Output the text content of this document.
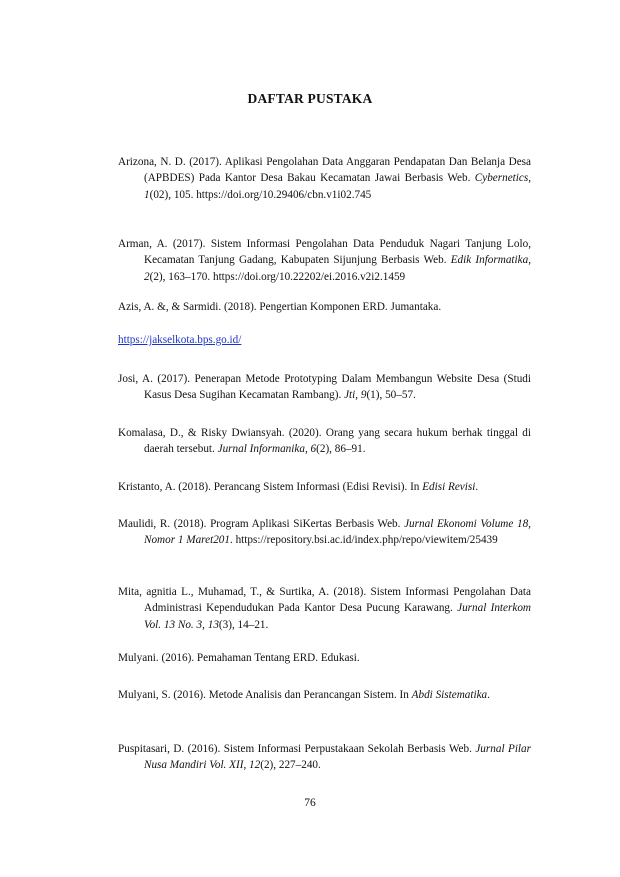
DAFTAR PUSTAKA
Arizona, N. D. (2017). Aplikasi Pengolahan Data Anggaran Pendapatan Dan Belanja Desa (APBDES) Pada Kantor Desa Bakau Kecamatan Jawai Berbasis Web. Cybernetics, 1(02), 105. https://doi.org/10.29406/cbn.v1i02.745
Arman, A. (2017). Sistem Informasi Pengolahan Data Penduduk Nagari Tanjung Lolo, Kecamatan Tanjung Gadang, Kabupaten Sijunjung Berbasis Web. Edik Informatika, 2(2), 163–170. https://doi.org/10.22202/ei.2016.v2i2.1459
Azis, A. &, & Sarmidi. (2018). Pengertian Komponen ERD. Jumantaka.
https://jakselkota.bps.go.id/
Josi, A. (2017). Penerapan Metode Prototyping Dalam Membangun Website Desa (Studi Kasus Desa Sugihan Kecamatan Rambang). Jti, 9(1), 50–57.
Komalasa, D., & Risky Dwiansyah. (2020). Orang yang secara hukum berhak tinggal di daerah tersebut. Jurnal Informanika, 6(2), 86–91.
Kristanto, A. (2018). Perancang Sistem Informasi (Edisi Revisi). In Edisi Revisi.
Maulidi, R. (2018). Program Aplikasi SiKertas Berbasis Web. Jurnal Ekonomi Volume 18, Nomor 1 Maret201. https://repository.bsi.ac.id/index.php/repo/viewitem/25439
Mita, agnitia L., Muhamad, T., & Surtika, A. (2018). Sistem Informasi Pengolahan Data Administrasi Kependudukan Pada Kantor Desa Pucung Karawang. Jurnal Interkom Vol. 13 No. 3, 13(3), 14–21.
Mulyani. (2016). Pemahaman Tentang ERD. Edukasi.
Mulyani, S. (2016). Metode Analisis dan Perancangan Sistem. In Abdi Sistematika.
Puspitasari, D. (2016). Sistem Informasi Perpustakaan Sekolah Berbasis Web. Jurnal Pilar Nusa Mandiri Vol. XII, 12(2), 227–240.
76
